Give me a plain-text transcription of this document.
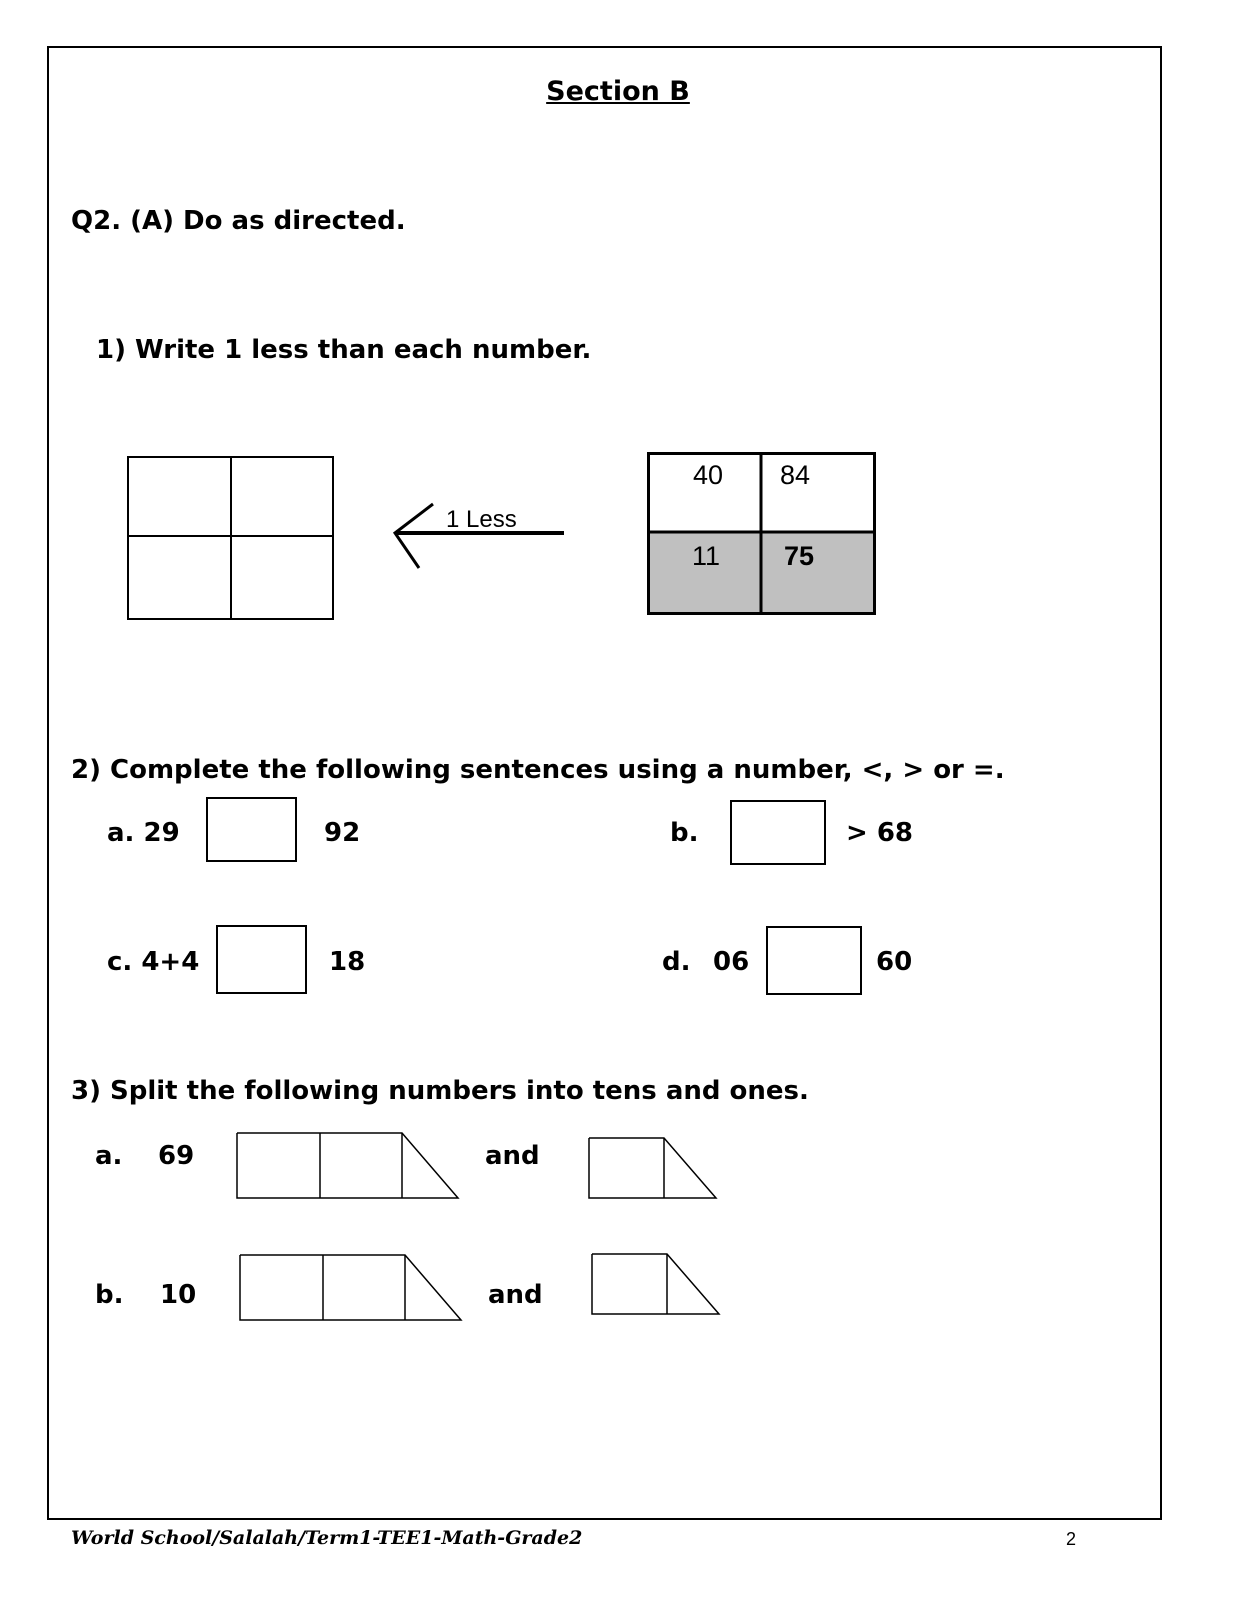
Section B
Q2. (A) Do as directed.
1) Write 1 less than each number.
1 Less
40 84
11 75
2) Complete the following sentences using a number, <, > or =.
a. 29	92	b.	> 68
c. 4+4	18	d. 06	60
3) Split the following numbers into tens and ones.
a. 69	and
b. 10	and
World School/Salalah/Term1-TEE1-Math-Grade2	2
